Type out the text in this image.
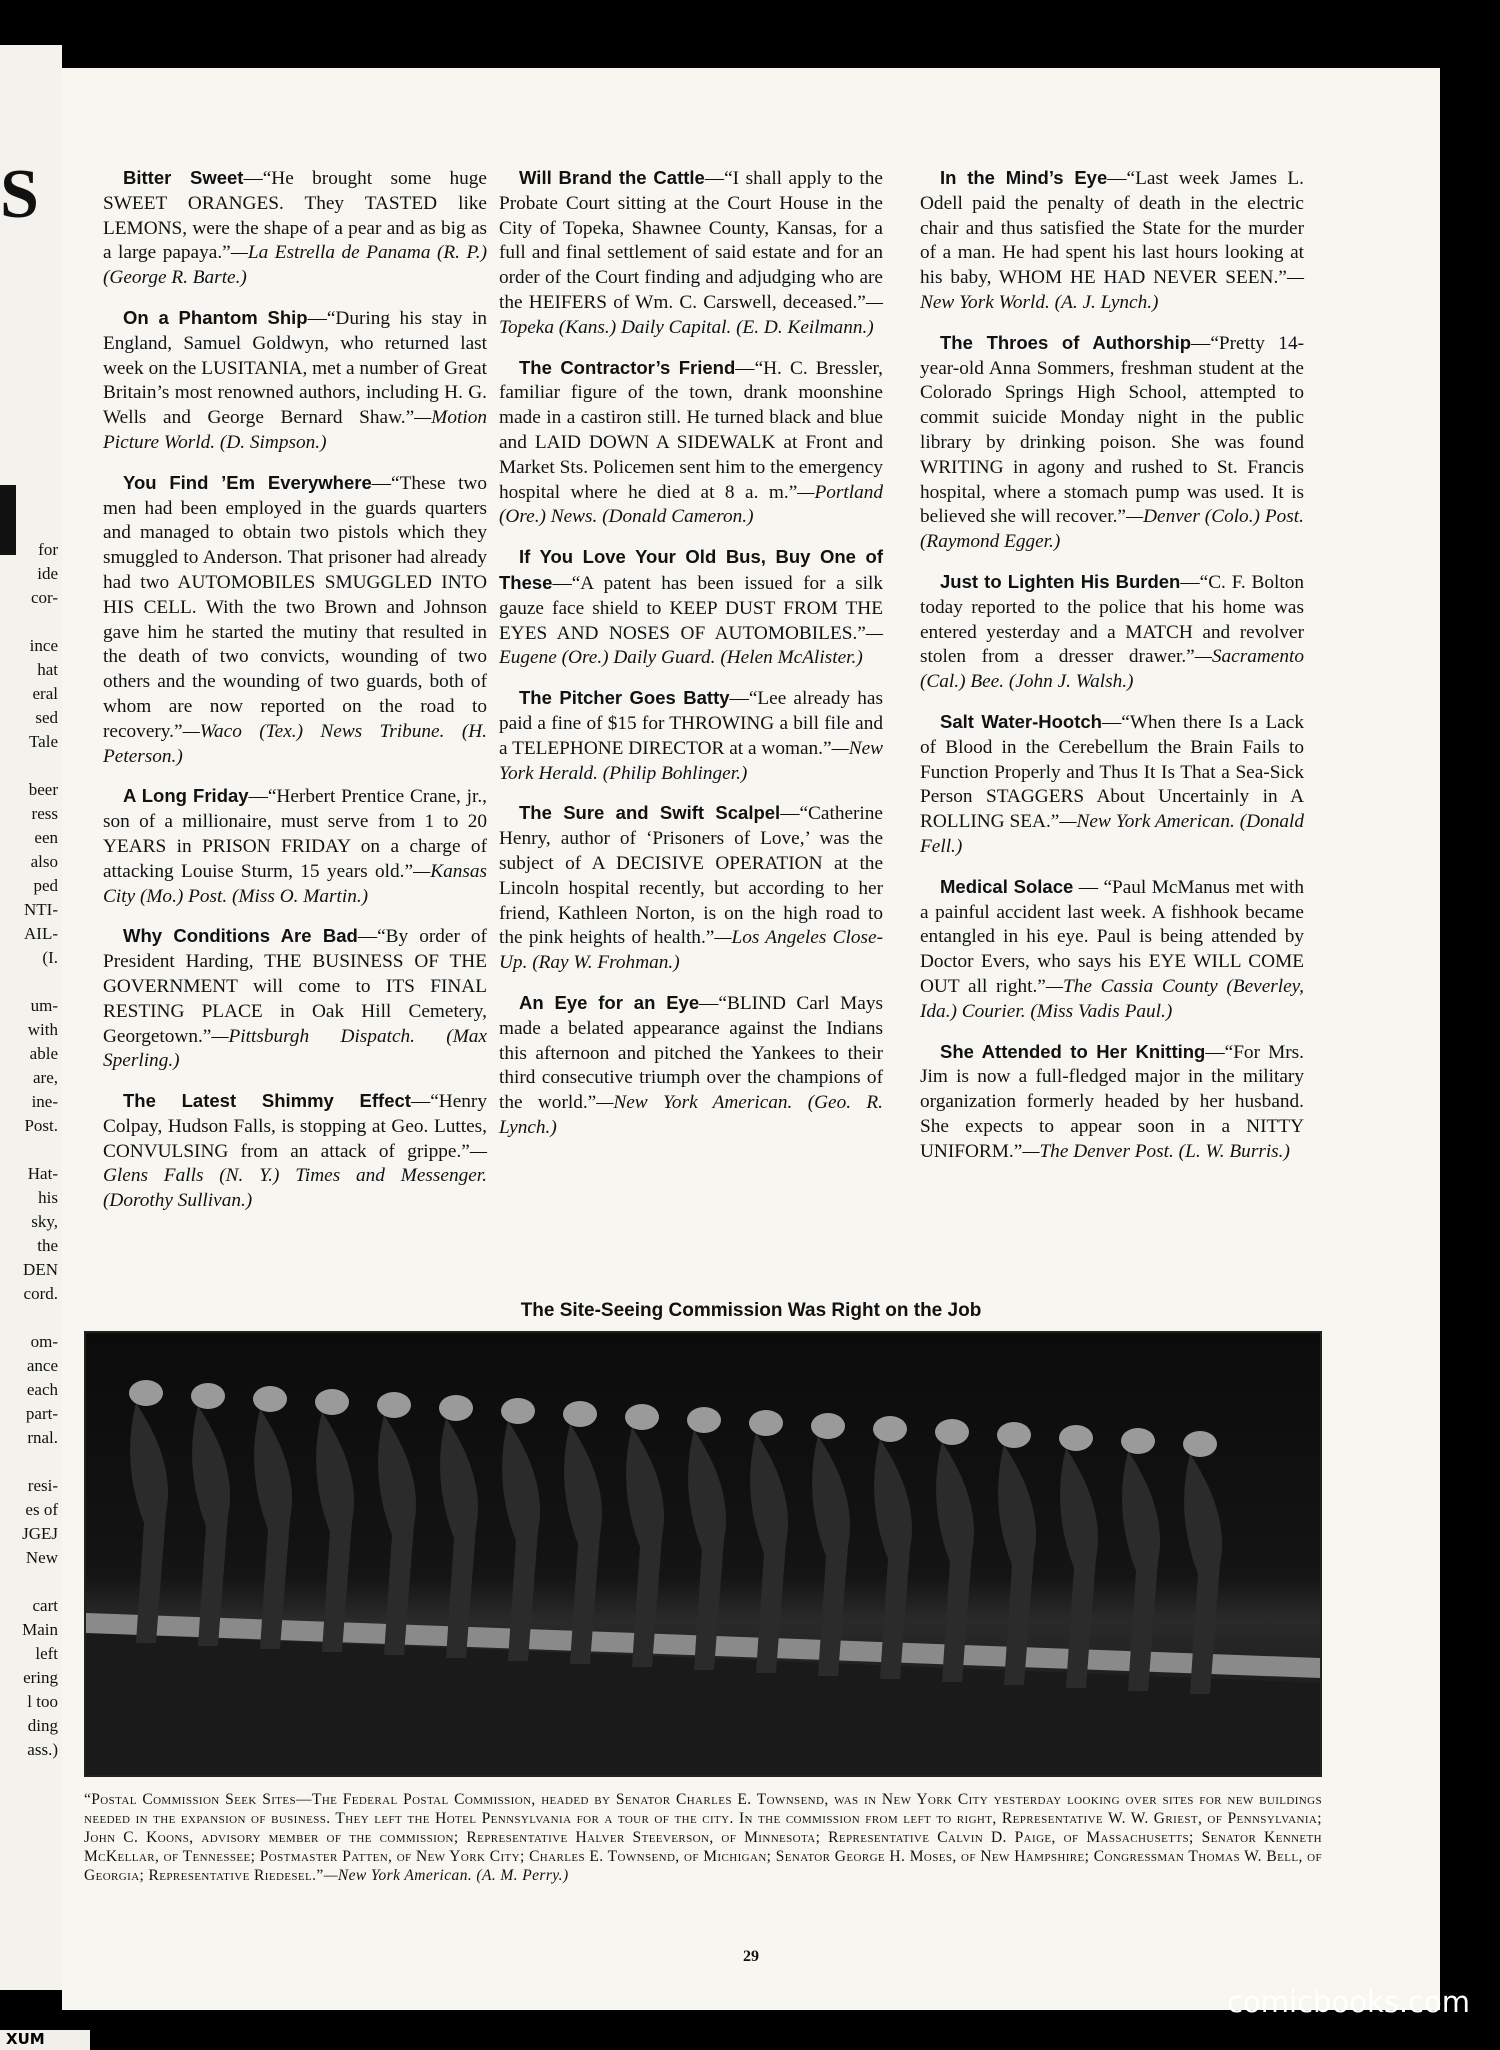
S
for
ide
cor-
ince
hat
eral
sed
Tale
beer
ress
een
also
ped
NTI-
AIL-
(I.
um-
with
able
are,
ine-
Post.
Hat-
his
sky,
the
DEN
cord.
om-
ance
each
part-
rnal.
resi-
es of
JGEJ
New
cart
Main
left
ering
l too
ding
ass.)

Bitter Sweet—“He brought some huge SWEET ORANGES. They TASTED like LEMONS, were the shape of a pear and as big as a large papaya.”—La Estrella de Panama (R. P.) (George R. Barte.)

On a Phantom Ship—“During his stay in England, Samuel Goldwyn, who returned last week on the LUSITANIA, met a number of Great Britain’s most renowned authors, including H. G. Wells and George Bernard Shaw.”—Motion Picture World. (D. Simpson.)

You Find ’Em Everywhere—“These two men had been employed in the guards quarters and managed to obtain two pistols which they smuggled to Anderson. That prisoner had already had two AUTOMOBILES SMUGGLED INTO HIS CELL. With the two Brown and Johnson gave him he started the mutiny that resulted in the death of two convicts, wounding of two others and the wounding of two guards, both of whom are now reported on the road to recovery.”—Waco (Tex.) News Tribune. (H. Peterson.)

A Long Friday—“Herbert Prentice Crane, jr., son of a millionaire, must serve from 1 to 20 YEARS in PRISON FRIDAY on a charge of attacking Louise Sturm, 15 years old.”—Kansas City (Mo.) Post. (Miss O. Martin.)

Why Conditions Are Bad—“By order of President Harding, THE BUSINESS OF THE GOVERNMENT will come to ITS FINAL RESTING PLACE in Oak Hill Cemetery, Georgetown.”—Pittsburgh Dispatch. (Max Sperling.)

The Latest Shimmy Effect—“Henry Colpay, Hudson Falls, is stopping at Geo. Luttes, CONVULSING from an attack of grippe.”—Glens Falls (N. Y.) Times and Messenger. (Dorothy Sullivan.)

Will Brand the Cattle—“I shall apply to the Probate Court sitting at the Court House in the City of Topeka, Shawnee County, Kansas, for a full and final settlement of said estate and for an order of the Court finding and adjudging who are the HEIFERS of Wm. C. Carswell, deceased.”—Topeka (Kans.) Daily Capital. (E. D. Keilmann.)

The Contractor’s Friend—“H. C. Bressler, familiar figure of the town, drank moonshine made in a castiron still. He turned black and blue and LAID DOWN A SIDEWALK at Front and Market Sts. Policemen sent him to the emergency hospital where he died at 8 a. m.”—Portland (Ore.) News. (Donald Cameron.)

If You Love Your Old Bus, Buy One of These—“A patent has been issued for a silk gauze face shield to KEEP DUST FROM THE EYES AND NOSES OF AUTOMOBILES.”—Eugene (Ore.) Daily Guard. (Helen McAlister.)

The Pitcher Goes Batty—“Lee already has paid a fine of $15 for THROWING a bill file and a TELEPHONE DIRECTOR at a woman.”—New York Herald. (Philip Bohlinger.)

The Sure and Swift Scalpel—“Catherine Henry, author of ‘Prisoners of Love,’ was the subject of A DECISIVE OPERATION at the Lincoln hospital recently, but according to her friend, Kathleen Norton, is on the high road to the pink heights of health.”—Los Angeles Close-Up. (Ray W. Frohman.)

An Eye for an Eye—“BLIND Carl Mays made a belated appearance against the Indians this afternoon and pitched the Yankees to their third consecutive triumph over the champions of the world.”—New York American. (Geo. R. Lynch.)

In the Mind’s Eye—“Last week James L. Odell paid the penalty of death in the electric chair and thus satisfied the State for the murder of a man. He had spent his last hours looking at his baby, WHOM HE HAD NEVER SEEN.”—New York World. (A. J. Lynch.)

The Throes of Authorship—“Pretty 14-year-old Anna Sommers, freshman student at the Colorado Springs High School, attempted to commit suicide Monday night in the public library by drinking poison. She was found WRITING in agony and rushed to St. Francis hospital, where a stomach pump was used. It is believed she will recover.”—Denver (Colo.) Post. (Raymond Egger.)

Just to Lighten His Burden—“C. F. Bolton today reported to the police that his home was entered yesterday and a MATCH and revolver stolen from a dresser drawer.”—Sacramento (Cal.) Bee. (John J. Walsh.)

Salt Water-Hootch—“When there Is a Lack of Blood in the Cerebellum the Brain Fails to Function Properly and Thus It Is That a Sea-Sick Person STAGGERS About Uncertainly in A ROLLING SEA.”—New York American. (Donald Fell.)

Medical Solace — “Paul McManus met with a painful accident last week. A fishhook became entangled in his eye. Paul is being attended by Doctor Evers, who says his EYE WILL COME OUT all right.”—The Cassia County (Beverley, Ida.) Courier. (Miss Vadis Paul.)

She Attended to Her Knitting—“For Mrs. Jim is now a full-fledged major in the military organization formerly headed by her husband. She expects to appear soon in a NITTY UNIFORM.”—The Denver Post. (L. W. Burris.)

The Site-Seeing Commission Was Right on the Job
“Postal Commission Seek Sites—The Federal Postal Commission, headed by Senator Charles E. Townsend, was in New York City yesterday looking over sites for new buildings needed in the expansion of business. They left the Hotel Pennsylvania for a tour of the city. In the commission from left to right, Representative W. W. Griest, of Pennsylvania; John C. Koons, advisory member of the commission; Representative Halver Steeverson, of Minnesota; Representative Calvin D. Paige, of Massachusetts; Senator Kenneth McKellar, of Tennessee; Postmaster Patten, of New York City; Charles E. Townsend, of Michigan; Senator George H. Moses, of New Hampshire; Congressman Thomas W. Bell, of Georgia; Representative Riedesel.”—New York American. (A. M. Perry.)
29
comicbooks.com
XUM
